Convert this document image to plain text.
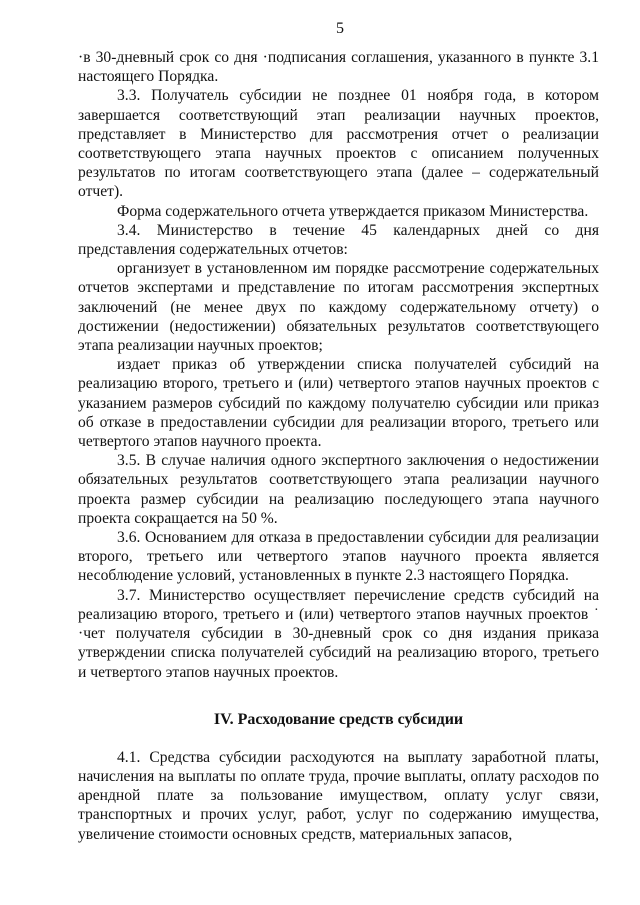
5

·в 30-дневный срок со дня ·подписания соглашения, указанного в пункте 3.1 настоящего Порядка.

3.3. Получатель субсидии не позднее 01 ноября года, в котором завершается соответствующий этап реализации научных проектов, представляет в Министерство для рассмотрения отчет о реализации соответствующего этапа научных проектов с описанием полученных результатов по итогам соответствующего этапа (далее – содержательный отчет).

Форма содержательного отчета утверждается приказом Министерства.

3.4. Министерство в течение 45 календарных дней со дня представления содержательных отчетов:

организует в установленном им порядке рассмотрение содержательных отчетов экспертами и представление по итогам рассмотрения экспертных заключений (не менее двух по каждому содержательному отчету) о достижении (недостижении) обязательных результатов соответствующего этапа реализации научных проектов;

издает приказ об утверждении списка получателей субсидий на реализацию второго, третьего и (или) четвертого этапов научных проектов с указанием размеров субсидий по каждому получателю субсидии или приказ об отказе в предоставлении субсидии для реализации второго, третьего или четвертого этапов научного проекта.

3.5. В случае наличия одного экспертного заключения о недостижении обязательных результатов соответствующего этапа реализации научного проекта размер субсидии на реализацию последующего этапа научного проекта сокращается на 50 %.

3.6. Основанием для отказа в предоставлении субсидии для реализации второго, третьего или четвертого этапов научного проекта является несоблюдение условий, установленных в пункте 2.3 настоящего Порядка.

3.7. Министерство осуществляет перечисление средств субсидий на реализацию второго, третьего и (или) четвертого этапов научных проектов ˙ ·чет получателя субсидии в 30-дневный срок со дня издания приказа утверждении списка получателей субсидий на реализацию второго, третьего и четвертого этапов научных проектов.

IV. Расходование средств субсидии

4.1. Средства субсидии расходуются на выплату заработной платы, начисления на выплаты по оплате труда, прочие выплаты, оплату расходов по арендной плате за пользование имуществом, оплату услуг связи, транспортных и прочих услуг, работ, услуг по содержанию имущества, увеличение стоимости основных средств, материальных запасов,
